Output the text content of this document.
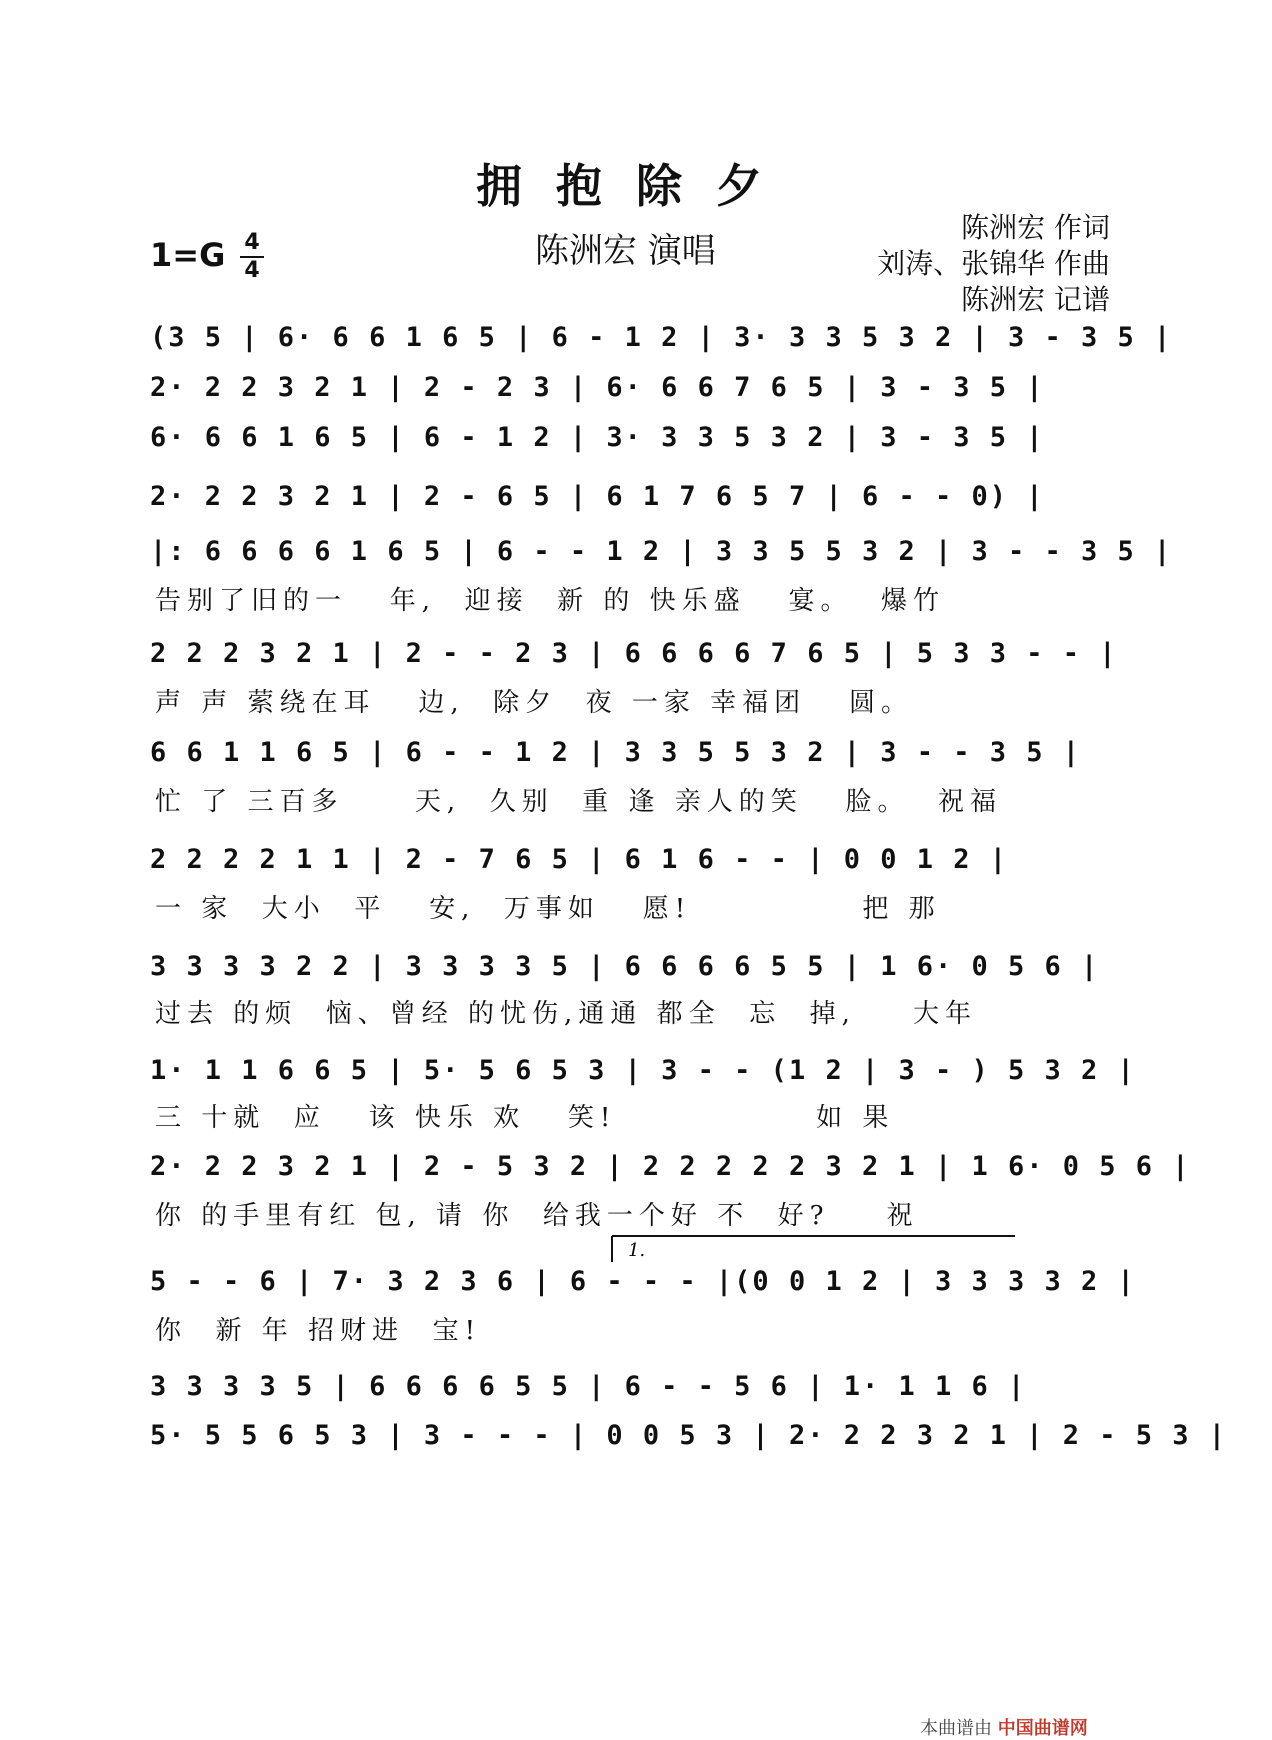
拥抱除夕
1=G 4
4	陈洲宏 演唱
陈洲宏 作词
刘涛、张锦华 作曲
陈洲宏 记谱
(3 5 | 6· 6 6 1 6 5 | 6 - 1 2 | 3· 3 3 5 3 2 | 3 - 3 5 |
2· 2 2 3 2 1 | 2 - 2 3 | 6· 6 6 7 6 5 | 3 - 3 5 |
6· 6 6 1 6 5 | 6 - 1 2 | 3· 3 3 5 3 2 | 3 - 3 5 |
2· 2 2 3 2 1 | 2 - 6 5 | 6 1 7 6 5 7 | 6 - - 0) |
|: 6 6 6 6 1 6 5 | 6 - - 1 2 | 3 3 5 5 3 2 | 3 - - 3 5 |
告别了旧的一   年,  迎接  新 的 快乐盛   宴。  爆竹
2 2 2 3 2 1 | 2 - - 2 3 | 6 6 6 6 7 6 5 | 5 3 3 - - |
声 声 萦绕在耳   边,  除夕  夜 一家 幸福团   圆。
6 6 1 1 6 5 | 6 - - 1 2 | 3 3 5 5 3 2 | 3 - - 3 5 |
忙 了 三百多     天,  久别  重 逢 亲人的笑   脸。  祝福
2 2 2 2 1 1 | 2 - 7 6 5 | 6 1 6 - - | 0 0 1 2 |
一 家  大小  平   安,  万事如   愿!            把 那
3 3 3 3 2 2 | 3 3 3 3 5 | 6 6 6 6 5 5 | 1 6· 0 5 6 |
过去 的烦  恼、曾经 的忧伤,通通 都全  忘  掉,    大年
1· 1 1 6 6 5 | 5· 5 6 5 3 | 3 - - (1 2 | 3 - ) 5 3 2 |
三 十就  应   该 快乐 欢   笑!              如 果
2· 2 2 3 2 1 | 2 - 5 3 2 | 2 2 2 2 2 3 2 1 | 1 6· 0 5 6 |
你 的手里有红 包, 请 你  给我一个好 不  好?    祝
5 - - 6 | 7· 3 2 3 6 | 6 - - - |(0 0 1 2 | 3 3 3 3 2 |
你  新 年 招财进  宝!
3 3 3 3 5 | 6 6 6 6 5 5 | 6 - - 5 6 | 1· 1 1 6 |
5· 5 5 6 5 3 | 3 - - - | 0 0 5 3 | 2· 2 2 3 2 1 | 2 - 5 3 |
1.
本曲谱由 中国曲谱网
